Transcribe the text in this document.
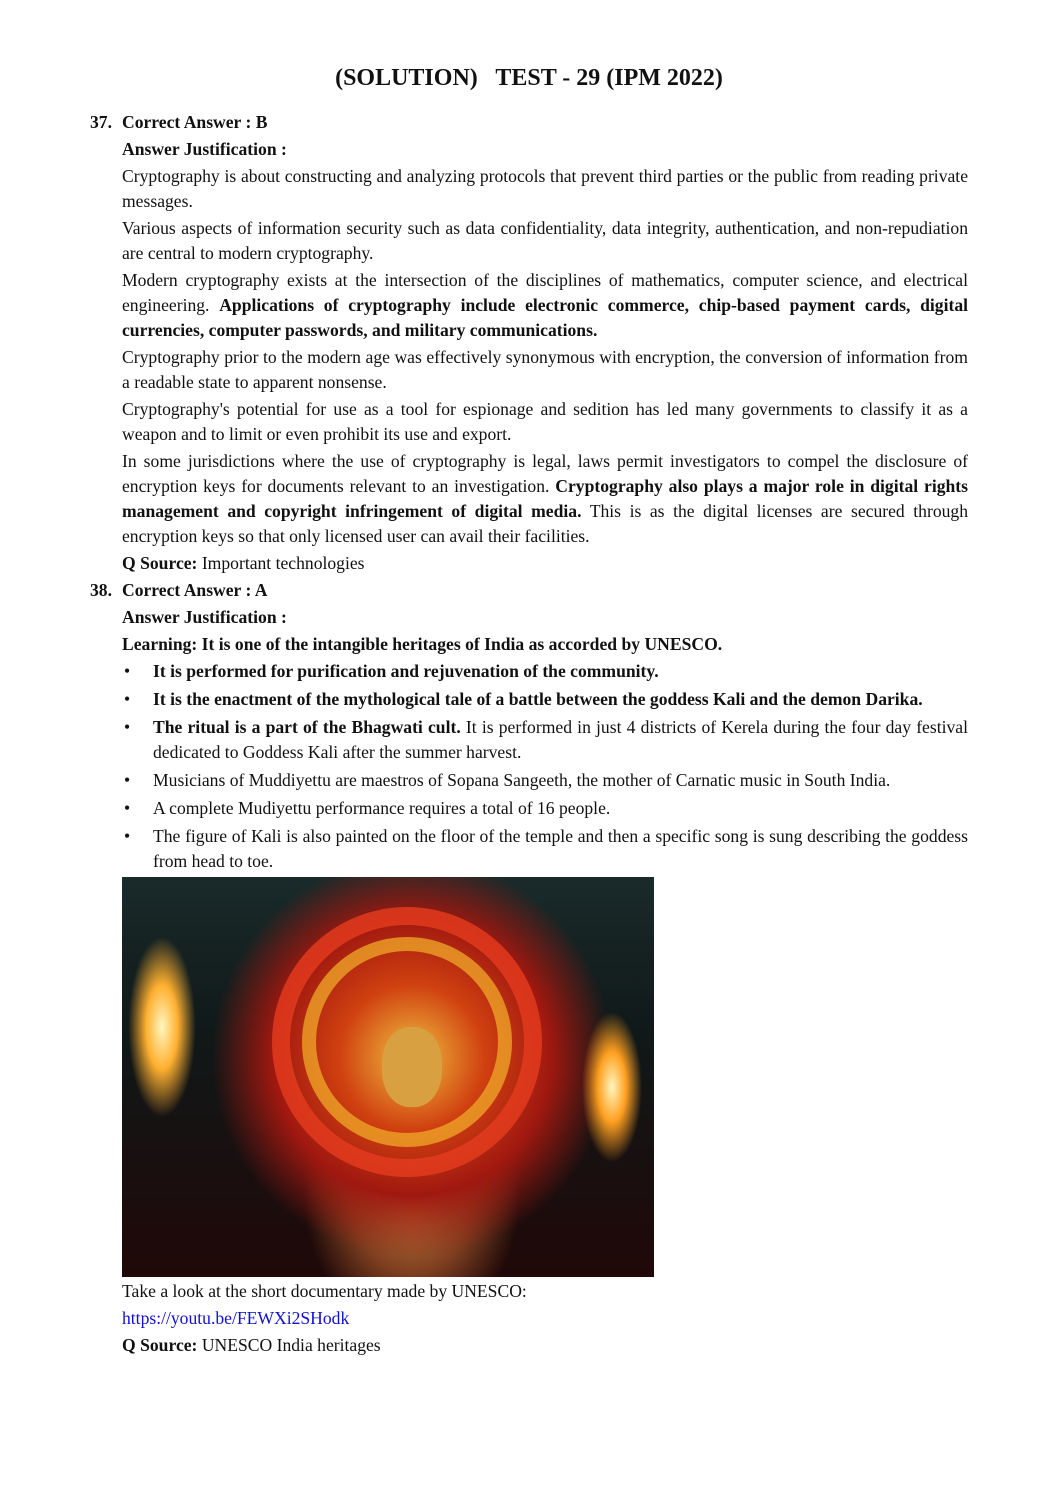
(SOLUTION)   TEST - 29 (IPM 2022)
37. Correct Answer : B

Answer Justification :

Cryptography is about constructing and analyzing protocols that prevent third parties or the public from reading private messages.

Various aspects of information security such as data confidentiality, data integrity, authentication, and non-repudiation are central to modern cryptography.

Modern cryptography exists at the intersection of the disciplines of mathematics, computer science, and electrical engineering. Applications of cryptography include electronic commerce, chip-based payment cards, digital currencies, computer passwords, and military communications.

Cryptography prior to the modern age was effectively synonymous with encryption, the conversion of information from a readable state to apparent nonsense.

Cryptography's potential for use as a tool for espionage and sedition has led many governments to classify it as a weapon and to limit or even prohibit its use and export.

In some jurisdictions where the use of cryptography is legal, laws permit investigators to compel the disclosure of encryption keys for documents relevant to an investigation. Cryptography also plays a major role in digital rights management and copyright infringement of digital media. This is as the digital licenses are secured through encryption keys so that only licensed user can avail their facilities.

Q Source: Important technologies

38. Correct Answer : A

Answer Justification :

Learning: It is one of the intangible heritages of India as accorded by UNESCO.

• It is performed for purification and rejuvenation of the community.
• It is the enactment of the mythological tale of a battle between the goddess Kali and the demon Darika.
• The ritual is a part of the Bhagwati cult. It is performed in just 4 districts of Kerela during the four day festival dedicated to Goddess Kali after the summer harvest.
• Musicians of Muddiyettu are maestros of Sopana Sangeeth, the mother of Carnatic music in South India.
• A complete Mudiyettu performance requires a total of 16 people.
• The figure of Kali is also painted on the floor of the temple and then a specific song is sung describing the goddess from head to toe.

Take a look at the short documentary made by UNESCO:

https://youtu.be/FEWXi2SHodk

Q Source: UNESCO India heritages
